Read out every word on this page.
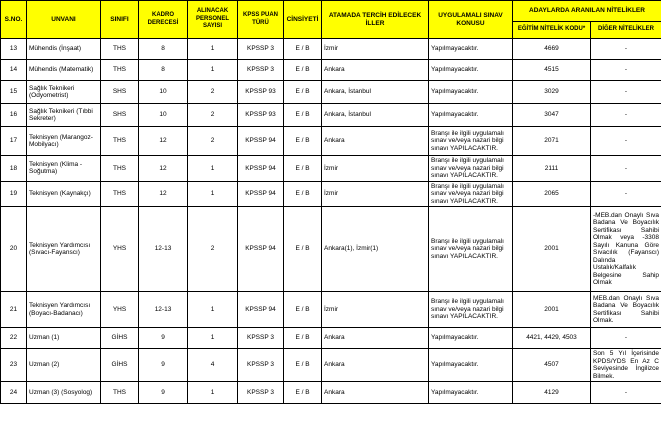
S.NO.	UNVANI	SINIFI	KADRO DERECESİ	ALINACAK PERSONEL SAYISI	KPSS PUAN TÜRÜ	CİNSİYETİ	ATAMADA TERCİH EDİLECEK İLLER	UYGULAMALI SINAV KONUSU	ADAYLARDA ARANILAN NİTELİKLER	
									EĞİTİM NİTELİK KODU*	DİĞER NİTELİKLER
13	Mühendis (İnşaat)	THS	8	1	KPSSP 3	E / B	İzmir	Yapılmayacaktır.	4669	-
14	Mühendis (Matematik)	THS	8	1	KPSSP 3	E / B	Ankara	Yapılmayacaktır.	4515	-
15	Sağlık Teknikeri (Odyometrist)	SHS	10	2	KPSSP 93	E / B	Ankara, İstanbul	Yapılmayacaktır.	3029	-
16	Sağlık Teknikeri (Tıbbi Sekreter)	SHS	10	2	KPSSP 93	E / B	Ankara, İstanbul	Yapılmayacaktır.	3047	-
17	Teknisyen (Marangoz-Mobilyacı)	THS	12	2	KPSSP 94	E / B	Ankara	Branşı ile ilgili uygulamalı sınav ve/veya nazari bilgi sınavı YAPILACAKTIR.	2071	-
18	Teknisyen (Klima - Soğutma)	THS	12	1	KPSSP 94	E / B	İzmir	Branşı ile ilgili uygulamalı sınav ve/veya nazari bilgi sınavı YAPILACAKTIR.	2111	-
19	Teknisyen (Kaynakçı)	THS	12	1	KPSSP 94	E / B	İzmir	Branşı ile ilgili uygulamalı sınav ve/veya nazari bilgi sınavı YAPILACAKTIR.	2065	-
20	Teknisyen Yardımcısı (Sıvacı-Fayanscı)	YHS	12-13	2	KPSSP 94	E / B	Ankara(1), İzmir(1)	Branşı ile ilgili uygulamalı sınav ve/veya nazari bilgi sınavı YAPILACAKTIR.	2001	-MEB.dan Onaylı Sıva Badana Ve Boyacılık Sertifikası Sahibi Olmak veya -3308 Sayılı Kanuna Göre Sıvacılık (Fayanscı) Dalında Ustalık/Kalfalık Belgesine Sahip Olmak
21	Teknisyen Yardımcısı (Boyacı-Badanacı)	YHS	12-13	1	KPSSP 94	E / B	İzmir	Branşı ile ilgili uygulamalı sınav ve/veya nazari bilgi sınavı YAPILACAKTIR.	2001	MEB.dan Onaylı Sıva Badana Ve Boyacılık Sertifikası Sahibi Olmak.
22	Uzman (1)	GİHS	9	1	KPSSP 3	E / B	Ankara	Yapılmayacaktır.	4421, 4429, 4503	-
23	Uzman (2)	GİHS	9	4	KPSSP 3	E / B	Ankara	Yapılmayacaktır.	4507	Son 5 Yıl İçerisinde KPDS/YDS En Az C Seviyesinde İngilizce Bilmek.
24	Uzman (3) (Sosyolog)	THS	9	1	KPSSP 3	E / B	Ankara	Yapılmayacaktır.	4129	-
